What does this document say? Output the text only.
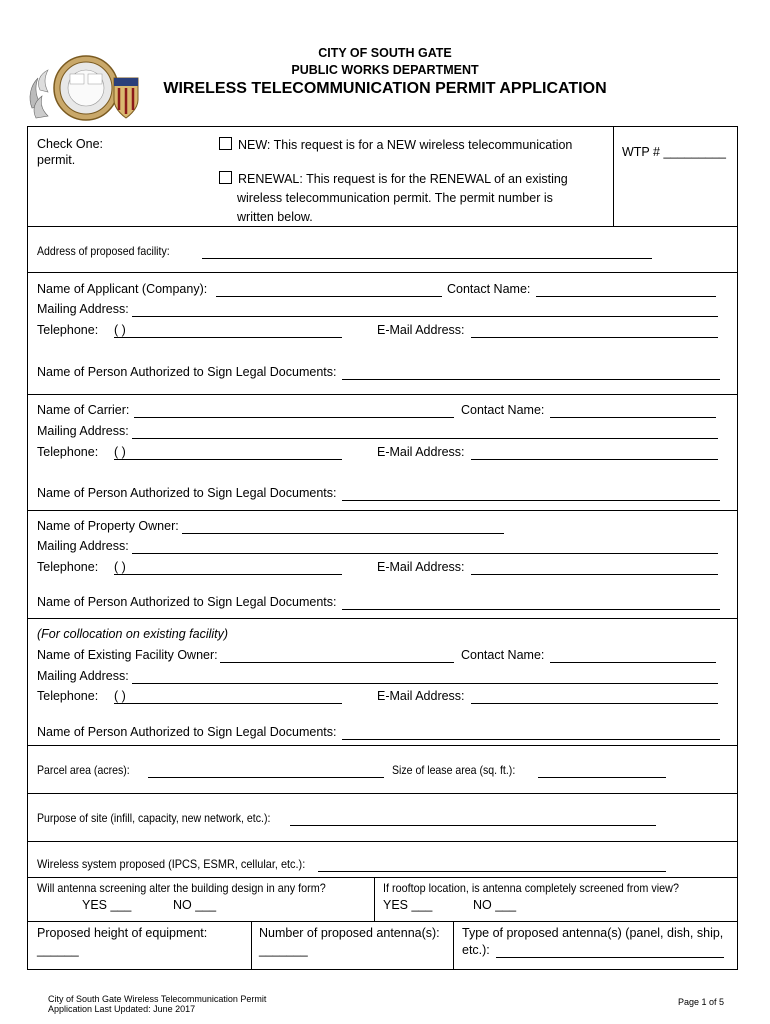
CITY OF SOUTH GATE
PUBLIC WORKS DEPARTMENT
WIRELESS TELECOMMUNICATION PERMIT APPLICATION
Check One:
permit.
NEW: This request is for a NEW wireless telecommunication
RENEWAL: This request is for the RENEWAL of an existing
wireless telecommunication permit. The permit number is
written below.
WTP # _________
Address of proposed facility:
Name of Applicant (Company):	Contact Name:
Mailing Address:
Telephone: ( )	E-Mail Address:
Name of Person Authorized to Sign Legal Documents:
Name of Carrier:	Contact Name:
Mailing Address:
Telephone: ( )	E-Mail Address:
Name of Person Authorized to Sign Legal Documents:
Name of Property Owner:
Mailing Address:
Telephone: ( )	E-Mail Address:
Name of Person Authorized to Sign Legal Documents:
(For collocation on existing facility)
Name of Existing Facility Owner:	Contact Name:
Mailing Address:
Telephone: ( )	E-Mail Address:
Name of Person Authorized to Sign Legal Documents:
Parcel area (acres):	Size of lease area (sq. ft.):
Purpose of site (infill, capacity, new network, etc.):
Wireless system proposed (IPCS, ESMR, cellular, etc.):
Will antenna screening alter the building design in any form?
YES ___	NO ___
If rooftop location, is antenna completely screened from view?
YES ___	NO ___
Proposed height of equipment:
______
Number of proposed antenna(s):
_______
Type of proposed antenna(s) (panel, dish, ship,
etc.):
City of South Gate Wireless Telecommunication Permit
Application Last Updated: June 2017
Page 1 of 5
